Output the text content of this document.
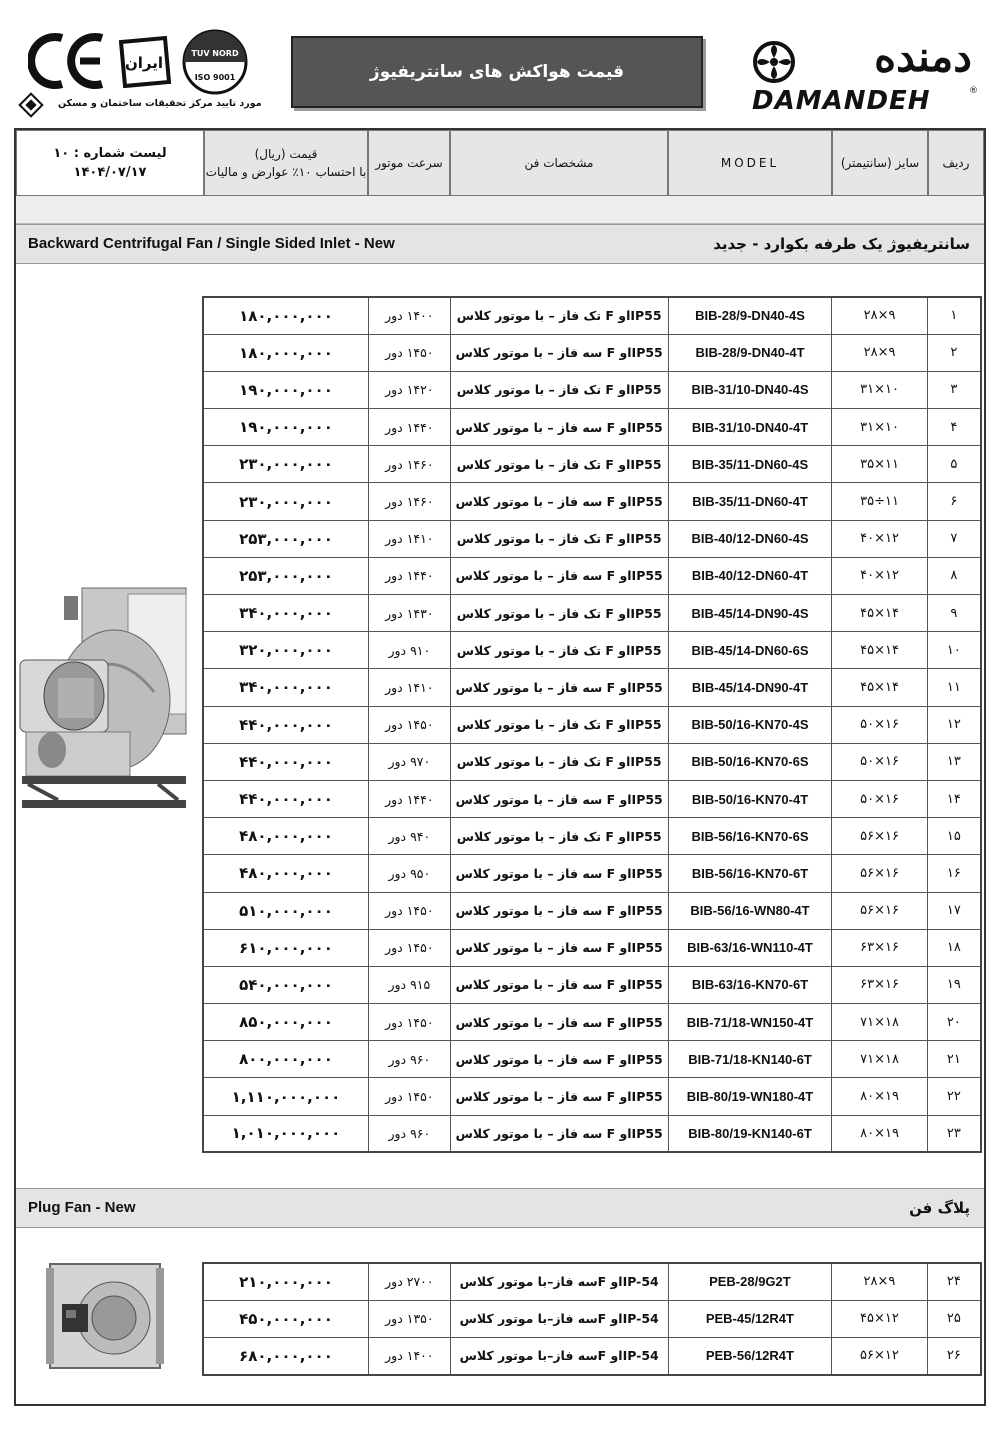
ایران
TUV NORD
ISO 9001
مورد تایید مرکز تحقیقات ساختمان و مسکن
قیمت هواکش های سانتریفیوژ	دمنده
DAMANDEH	®
ردیف
سایز (سانتیمتر)
MODEL
مشخصات فن
سرعت موتور
قیمت (ریال)
با احتساب ۱۰٪ عوارض و مالیات
لیست شماره : ۱۰
۱۴۰۴/۰۷/۱۷
Backward Centrifugal Fan / Single Sided Inlet - New	سانتریفیوژ یک طرفه بکوارد - جدید
۱۸۰,۰۰۰,۰۰۰	۱۴۰۰ دور	IP55او F تک فاز – با موتور کلاس	BIB-28/9-DN40-4S	۲۸×۹	۱
۱۸۰,۰۰۰,۰۰۰	۱۴۵۰ دور	IP55او F سه فاز – با موتور کلاس	BIB-28/9-DN40-4T	۲۸×۹	۲
۱۹۰,۰۰۰,۰۰۰	۱۴۲۰ دور	IP55او F تک فاز – با موتور کلاس	BIB-31/10-DN40-4S	۳۱×۱۰	۳
۱۹۰,۰۰۰,۰۰۰	۱۴۴۰ دور	IP55او F سه فاز – با موتور کلاس	BIB-31/10-DN40-4T	۳۱×۱۰	۴
۲۳۰,۰۰۰,۰۰۰	۱۴۶۰ دور	IP55او F تک فاز – با موتور کلاس	BIB-35/11-DN60-4S	۳۵×۱۱	۵
۲۳۰,۰۰۰,۰۰۰	۱۴۶۰ دور	IP55او F سه فاز – با موتور کلاس	BIB-35/11-DN60-4T	۳۵÷۱۱	۶
۲۵۳,۰۰۰,۰۰۰	۱۴۱۰ دور	IP55او F تک فاز – با موتور کلاس	BIB-40/12-DN60-4S	۴۰×۱۲	۷
۲۵۳,۰۰۰,۰۰۰	۱۴۴۰ دور	IP55او F سه فاز – با موتور کلاس	BIB-40/12-DN60-4T	۴۰×۱۲	۸
۳۴۰,۰۰۰,۰۰۰	۱۴۳۰ دور	IP55او F تک فاز – با موتور کلاس	BIB-45/14-DN90-4S	۴۵×۱۴	۹
۳۲۰,۰۰۰,۰۰۰	۹۱۰ دور	IP55او F تک فاز – با موتور کلاس	BIB-45/14-DN60-6S	۴۵×۱۴	۱۰
۳۴۰,۰۰۰,۰۰۰	۱۴۱۰ دور	IP55او F سه فاز – با موتور کلاس	BIB-45/14-DN90-4T	۴۵×۱۴	۱۱
۴۴۰,۰۰۰,۰۰۰	۱۴۵۰ دور	IP55او F تک فاز – با موتور کلاس	BIB-50/16-KN70-4S	۵۰×۱۶	۱۲
۴۴۰,۰۰۰,۰۰۰	۹۷۰ دور	IP55او F تک فاز – با موتور کلاس	BIB-50/16-KN70-6S	۵۰×۱۶	۱۳
۴۴۰,۰۰۰,۰۰۰	۱۴۴۰ دور	IP55او F سه فاز – با موتور کلاس	BIB-50/16-KN70-4T	۵۰×۱۶	۱۴
۴۸۰,۰۰۰,۰۰۰	۹۴۰ دور	IP55او F تک فاز – با موتور کلاس	BIB-56/16-KN70-6S	۵۶×۱۶	۱۵
۴۸۰,۰۰۰,۰۰۰	۹۵۰ دور	IP55او F سه فاز – با موتور کلاس	BIB-56/16-KN70-6T	۵۶×۱۶	۱۶
۵۱۰,۰۰۰,۰۰۰	۱۴۵۰ دور	IP55او F سه فاز – با موتور کلاس	BIB-56/16-WN80-4T	۵۶×۱۶	۱۷
۶۱۰,۰۰۰,۰۰۰	۱۴۵۰ دور	IP55او F سه فاز – با موتور کلاس	BIB-63/16-WN110-4T	۶۳×۱۶	۱۸
۵۴۰,۰۰۰,۰۰۰	۹۱۵ دور	IP55او F سه فاز – با موتور کلاس	BIB-63/16-KN70-6T	۶۳×۱۶	۱۹
۸۵۰,۰۰۰,۰۰۰	۱۴۵۰ دور	IP55او F سه فاز – با موتور کلاس	BIB-71/18-WN150-4T	۷۱×۱۸	۲۰
۸۰۰,۰۰۰,۰۰۰	۹۶۰ دور	IP55او F سه فاز – با موتور کلاس	BIB-71/18-KN140-6T	۷۱×۱۸	۲۱
۱,۱۱۰,۰۰۰,۰۰۰	۱۴۵۰ دور	IP55او F سه فاز – با موتور کلاس	BIB-80/19-WN180-4T	۸۰×۱۹	۲۲
۱,۰۱۰,۰۰۰,۰۰۰	۹۶۰ دور	IP55او F سه فاز – با موتور کلاس	BIB-80/19-KN140-6T	۸۰×۱۹	۲۳
Plug Fan - New	پلاگ فن
۲۱۰,۰۰۰,۰۰۰	۲۷۰۰ دور	IP-54او Fسه فاز–با موتور کلاس	PEB-28/9G2T	۲۸×۹	۲۴
۴۵۰,۰۰۰,۰۰۰	۱۳۵۰ دور	IP-54او Fسه فاز–با موتور کلاس	PEB-45/12R4T	۴۵×۱۲	۲۵
۶۸۰,۰۰۰,۰۰۰	۱۴۰۰ دور	IP-54او Fسه فاز–با موتور کلاس	PEB-56/12R4T	۵۶×۱۲	۲۶
